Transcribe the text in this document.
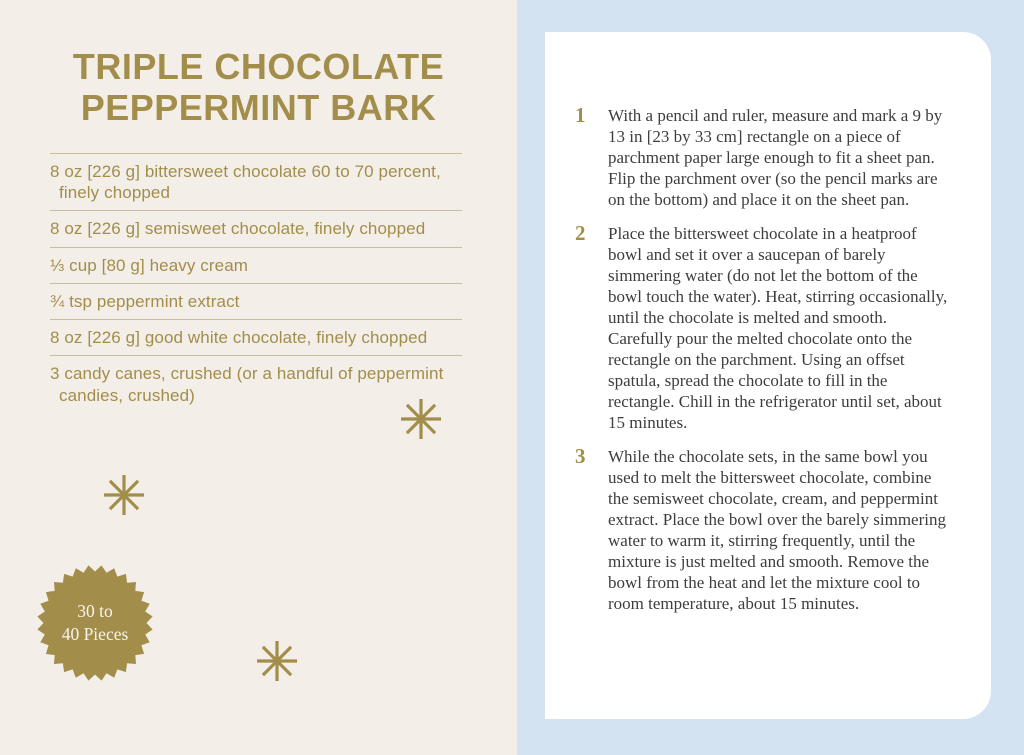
TRIPLE CHOCOLATE PEPPERMINT BARK
8 oz [226 g] bittersweet chocolate 60 to 70 percent, finely chopped
8 oz [226 g] semisweet chocolate, finely chopped
⅓ cup [80 g] heavy cream
¾ tsp peppermint extract
8 oz [226 g] good white chocolate, finely chopped
3 candy canes, crushed (or a handful of peppermint candies, crushed)
30 to
40 Pieces
1	With a pencil and ruler, measure and mark a 9 by 13 in [23 by 33 cm] rectangle on a piece of parchment paper large enough to fit a sheet pan. Flip the parchment over (so the pencil marks are on the bottom) and place it on the sheet pan.

2	Place the bittersweet chocolate in a heatproof bowl and set it over a saucepan of barely simmering water (do not let the bottom of the bowl touch the water). Heat, stirring occasionally, until the chocolate is melted and smooth. Carefully pour the melted chocolate onto the rectangle on the parchment. Using an offset spatula, spread the chocolate to fill in the rectangle. Chill in the refrigerator until set, about 15 minutes.

3	While the chocolate sets, in the same bowl you used to melt the bittersweet chocolate, combine the semisweet chocolate, cream, and peppermint extract. Place the bowl over the barely simmering water to warm it, stirring frequently, until the mixture is just melted and smooth. Remove the bowl from the heat and let the mixture cool to room temperature, about 15 minutes.
